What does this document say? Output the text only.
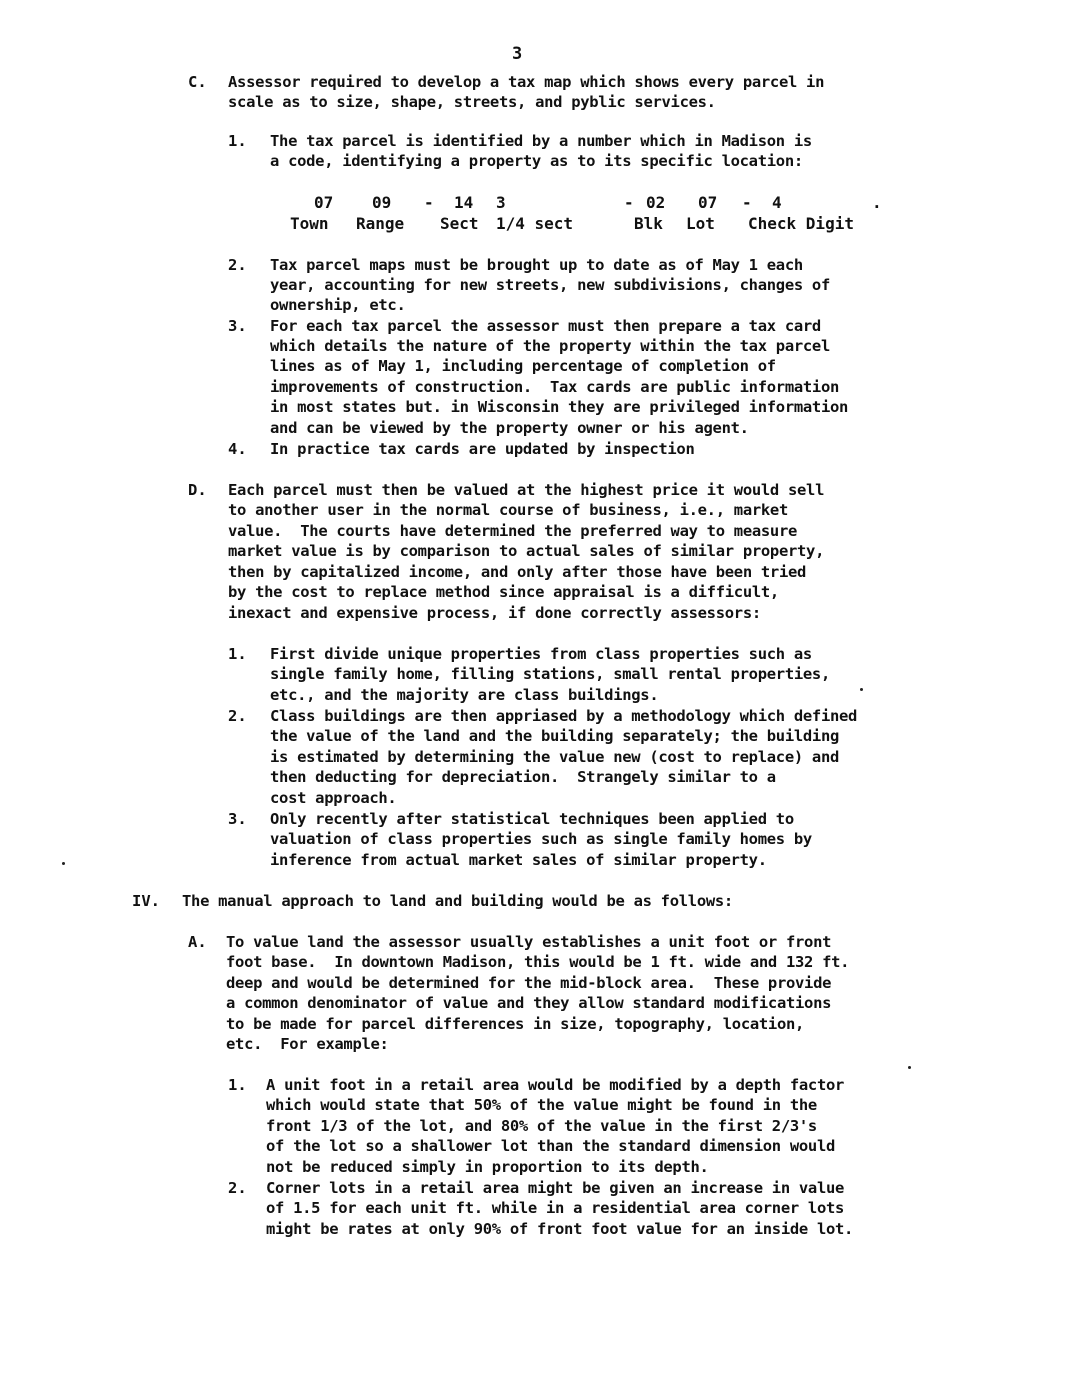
3
C. Assessor required to develop a tax map which shows every parcel in
scale as to size, shape, streets, and pyblic services.
1. The tax parcel is identified by a number which in Madison is
a code, identifying a property as to its specific location:
07 09 - 14 3	- 02 07 - 4	.
Town Range Sect 1/4 sect	Blk Lot Check Digit
2. Tax parcel maps must be brought up to date as of May 1 each
year, accounting for new streets, new subdivisions, changes of
ownership, etc.
3. For each tax parcel the assessor must then prepare a tax card
which details the nature of the property within the tax parcel
lines as of May 1, including percentage of completion of
improvements of construction.  Tax cards are public information
in most states but. in Wisconsin they are privileged information
and can be viewed by the property owner or his agent.
4. In practice tax cards are updated by inspection
D. Each parcel must then be valued at the highest price it would sell
to another user in the normal course of business, i.e., market
value.  The courts have determined the preferred way to measure
market value is by comparison to actual sales of similar property,
then by capitalized income, and only after those have been tried
by the cost to replace method since appraisal is a difficult,
inexact and expensive process, if done correctly assessors:
1. First divide unique properties from class properties such as
single family home, filling stations, small rental properties,
etc., and the majority are class buildings.
2. Class buildings are then appriased by a methodology which defined
the value of the land and the building separately; the building
is estimated by determining the value new (cost to replace) and
then deducting for depreciation.  Strangely similar to a
cost approach.
3. Only recently after statistical techniques been applied to
valuation of class properties such as single family homes by
inference from actual market sales of similar property.
IV. The manual approach to land and building would be as follows:
A. To value land the assessor usually establishes a unit foot or front
foot base.  In downtown Madison, this would be 1 ft. wide and 132 ft.
deep and would be determined for the mid-block area.  These provide
a common denominator of value and they allow standard modifications
to be made for parcel differences in size, topography, location,
etc.  For example:
1. A unit foot in a retail area would be modified by a depth factor
which would state that 50% of the value might be found in the
front 1/3 of the lot, and 80% of the value in the first 2/3's
of the lot so a shallower lot than the standard dimension would
not be reduced simply in proportion to its depth.
2. Corner lots in a retail area might be given an increase in value
of 1.5 for each unit ft. while in a residential area corner lots
might be rates at only 90% of front foot value for an inside lot.
